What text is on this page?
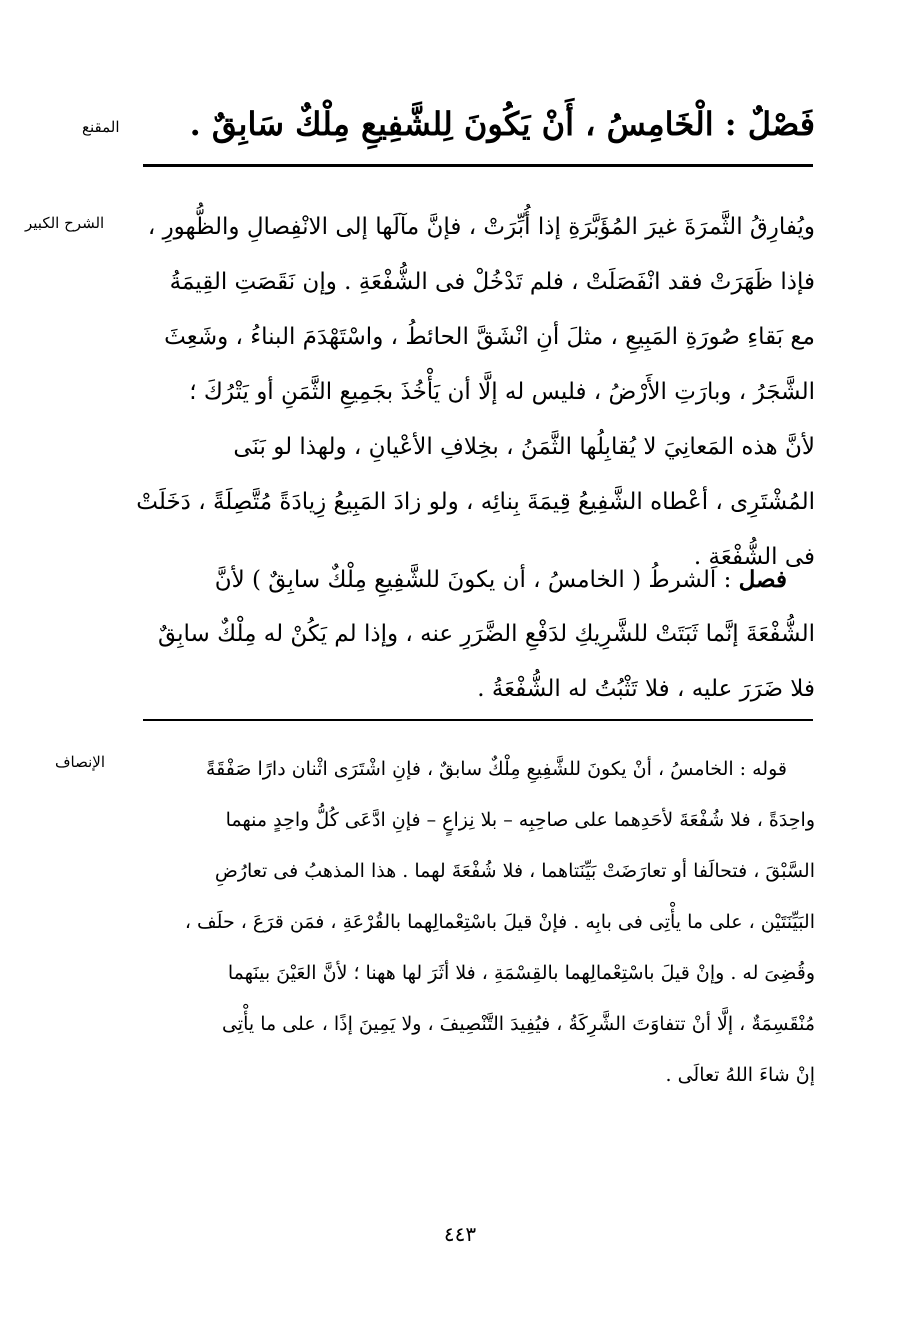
المقنع
الشرح الكبير
الإنصاف
فَصْلٌ : الْخَامِسُ ، أَنْ يَكُونَ لِلشَّفِيعِ مِلْكٌ سَابِقٌ .
ويُفارِقُ الثَّمرَةَ غيرَ المُؤَبَّرَةِ إذا أُبِّرَتْ ، فإنَّ مآلَها إلى الانْفِصالِ والظُّهورِ ،
فإذا ظَهَرَتْ فقد انْفَصَلَتْ ، فلم تَدْخُلْ فى الشُّفْعَةِ . وإن نَقَصَتِ القِيمَةُ
مع بَقاءِ صُورَةِ المَبِيعِ ، مثلَ أنِ انْشَقَّ الحائطُ ، واسْتَهْدَمَ البناءُ ، وشَعِثَ
الشَّجَرُ ، وبارَتِ الأَرْضُ ، فليس له إلَّا أن يَأْخُذَ بجَمِيعِ الثَّمَنِ أو يَتْرُكَ ؛
لأنَّ هذه المَعانِيَ لا يُقابِلُها الثَّمَنُ ، بخِلافِ الأعْيانِ ، ولهذا لو بَنَى
المُشْتَرِى ، أعْطاه الشَّفِيعُ قِيمَةَ بِنائِه ، ولو زادَ المَبِيعُ زِيادَةً مُتَّصِلَةً ، دَخَلَتْ
فى الشُّفْعَةِ .
فصل : الشرطُ ( الخامسُ ، أن يكونَ للشَّفِيعِ مِلْكٌ سابِقٌ ) لأنَّ
الشُّفْعَةَ إنَّما ثَبَتَتْ للشَّرِيكِ لدَفْعِ الضَّرَرِ عنه ، وإذا لم يَكُنْ له مِلْكٌ سابِقٌ
فلا ضَرَرَ عليه ، فلا تَثْبُتُ له الشُّفْعَةُ .
قوله : الخامسُ ، أنْ يكونَ للشَّفِيعِ مِلْكٌ سابقٌ ، فإنِ اشْتَرَى اثْنان دارًا صَفْقَةً
واحِدَةً ، فلا شُفْعَةَ لأحَدِهما على صاحِبِه – بلا نِزاعٍ – فإنِ ادَّعَى كُلُّ واحِدٍ منهما
السَّبْقَ ، فتحالَفا أو تعارَضَتْ بَيِّنَتاهما ، فلا شُفْعَةَ لهما . هذا المذهبُ فى تعارُضِ
البَيِّنَتَيْن ، على ما يأْتِى فى بابِه . فإنْ قيلَ باسْتِعْمالِهما بالقُرْعَةِ ، فمَن قرَعَ ، حلَف ،
وقُضِىَ له . وإنْ قيلَ باسْتِعْمالِهما بالقِسْمَةِ ، فلا أثَرَ لها ههنا ؛ لأنَّ العَيْنَ بينَهما
مُنْقَسِمَةٌ ، إلَّا أنْ تتفاوَتَ الشَّرِكَةُ ، فيُفِيدَ التَّنْصِيفَ ، ولا يَمِينَ إذًا ، على ما يأْتِى
إنْ شاءَ اللهُ تعالَى .
٤٤٣
